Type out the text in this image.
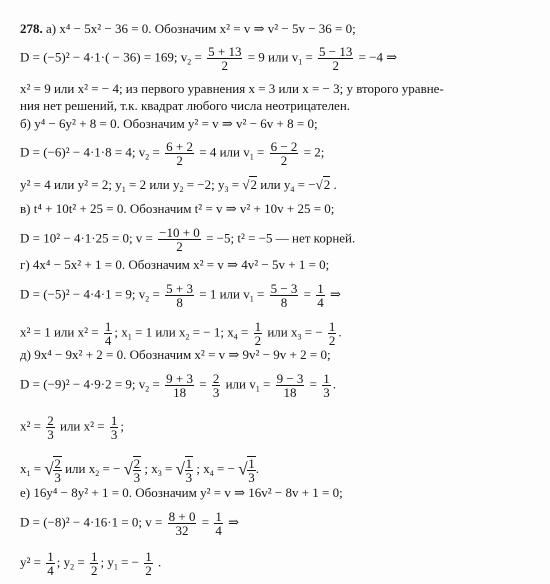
278. а) x⁴ − 5x² − 36 = 0. Обозначим x² = v ⇒ v² − 5v − 36 = 0;
D = (−5)² − 4·1·( − 36) = 169; $v_2 = \frac{5 + 13}{2} = 9$ или $v_1 = \frac{5 - 13}{2} = -4$ ⇒
x² = 9 или x² = − 4; из первого уравнения x = 3 или x = − 3; у второго уравне-
ния нет решений, т.к. квадрат любого числа неотрицателен.
б) y⁴ − 6y² + 8 = 0. Обозначим y² = v ⇒ v² − 6v + 8 = 0;
D = (−6)² − 4·1·8 = 4; $v_2 = \frac{6 + 2}{2} = 4$ или $v_1 = \frac{6 - 2}{2} = 2$;
y² = 4 или y² = 2; $y_1 = 2$ или $y_2 = -2$; $y_3 = √2$ или $y_4 = -√2$ .
в) t⁴ + 10t² + 25 = 0. Обозначим t² = v ⇒ v² + 10v + 25 = 0;
D = 10² − 4·1·25 = 0; $v = \frac{-10 + 0}{2} = -5$; t² = −5 — нет корней.
г) 4x⁴ − 5x² + 1 = 0. Обозначим x² = v ⇒ 4v² − 5v + 1 = 0;
D = (−5)² − 4·4·1 = 9; $v_2 = \frac{5 + 3}{8} = 1$ или $v_1 = \frac{5 - 3}{8} = \frac{1}{4}$ ⇒
x² = 1 или $x^2 = \frac{1}{4}$ ; $x_1 = 1$ или $x_2$ = − 1; $x_4 = \frac{1}{2}$ или $x_3$ = − $\frac{1}{2}$ .
д) 9x⁴ − 9x² + 2 = 0. Обозначим x² = v ⇒ 9v² − 9v + 2 = 0;
D = (−9)² − 4·9·2 = 9; $v_2 = \frac{9 + 3}{18} = \frac{2}{3}$ или $v_1 = \frac{9 - 3}{18} = \frac{1}{3}$ .
$x^2 = \frac{2}{3}$ или $x^2 = \frac{1}{3}$ ;
$x_1$ = √ $\frac{2}{3}$ или $x_2$ = − √ $\frac{2}{3}$ ; $x_3$ = √ $\frac{1}{3}$ ; $x_4$ = − √ $\frac{1}{3}$ .
е) 16y⁴ − 8y² + 1 = 0. Обозначим y² = v ⇒ 16v² − 8v + 1 = 0;
D = (−8)² − 4·16·1 = 0; $v = \frac{8 + 0}{32} = \frac{1}{4}$ ⇒
$y^2 = \frac{1}{4}$ ; $y_2 = \frac{1}{2}$ ; $y_1$ = − $\frac{1}{2}$ .
